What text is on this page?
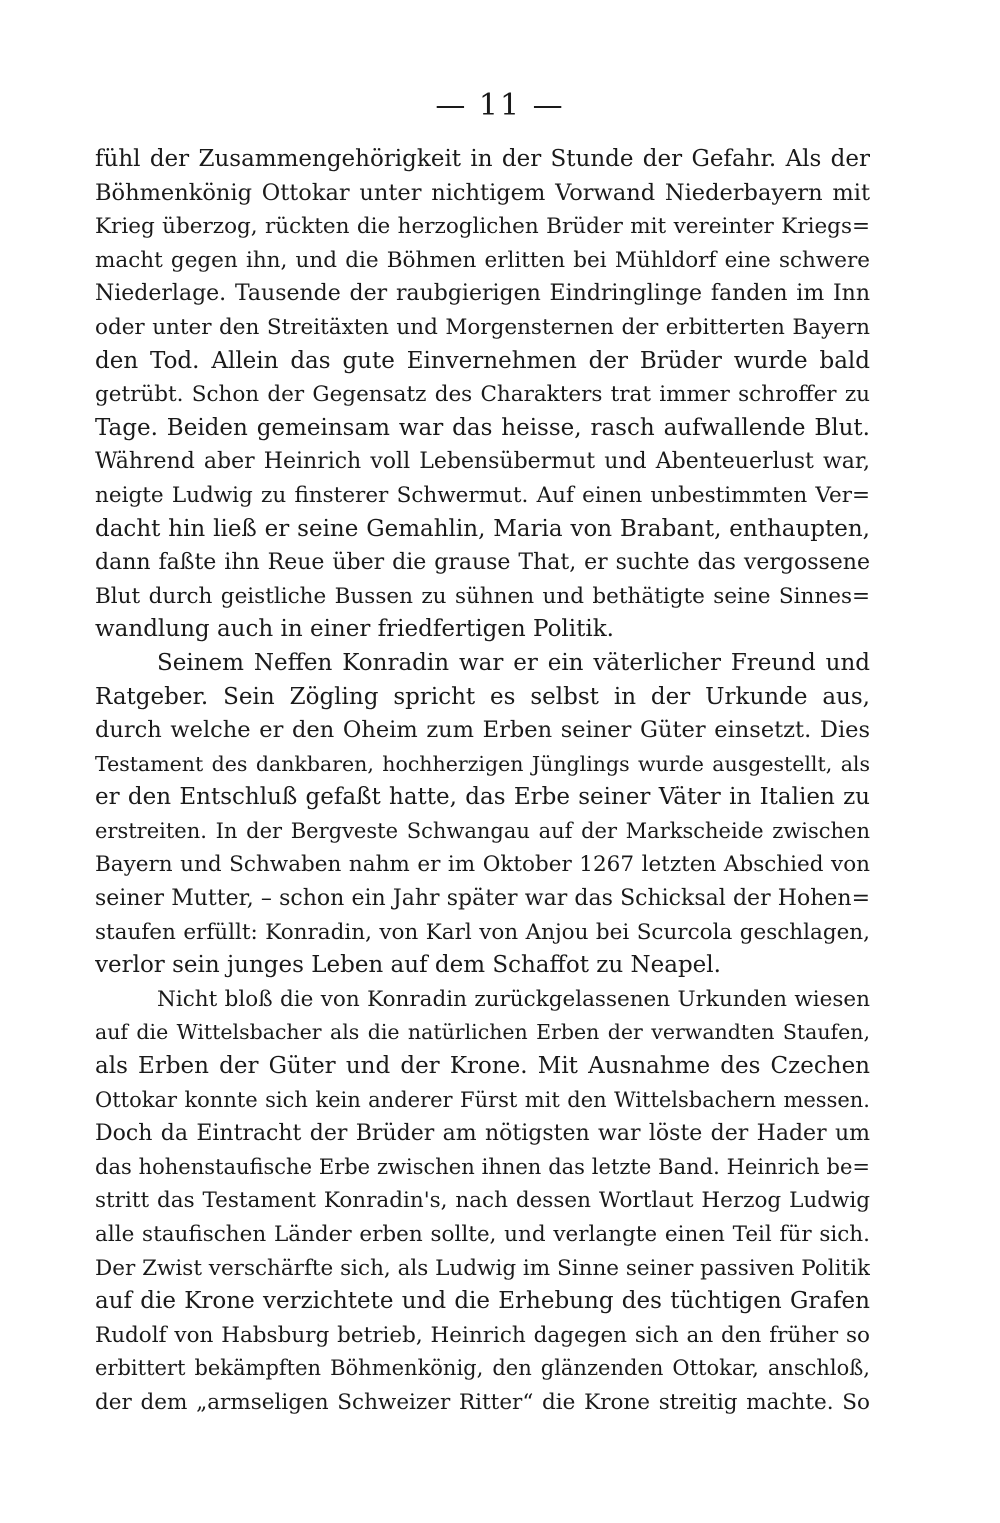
— 11 —
fühl der Zusammengehörigkeit in der Stunde der Gefahr. Als der
Böhmenkönig Ottokar unter nichtigem Vorwand Niederbayern mit
Krieg überzog, rückten die herzoglichen Brüder mit vereinter Kriegs=
macht gegen ihn, und die Böhmen erlitten bei Mühldorf eine schwere
Niederlage. Tausende der raubgierigen Eindringlinge fanden im Inn
oder unter den Streitäxten und Morgensternen der erbitterten Bayern
den Tod. Allein das gute Einvernehmen der Brüder wurde bald
getrübt. Schon der Gegensatz des Charakters trat immer schroffer zu
Tage. Beiden gemeinsam war das heisse, rasch aufwallende Blut.
Während aber Heinrich voll Lebensübermut und Abenteuerlust war,
neigte Ludwig zu finsterer Schwermut. Auf einen unbestimmten Ver=
dacht hin ließ er seine Gemahlin, Maria von Brabant, enthaupten,
dann faßte ihn Reue über die grause That, er suchte das vergossene
Blut durch geistliche Bussen zu sühnen und bethätigte seine Sinnes=
wandlung auch in einer friedfertigen Politik.
Seinem Neffen Konradin war er ein väterlicher Freund und
Ratgeber. Sein Zögling spricht es selbst in der Urkunde aus,
durch welche er den Oheim zum Erben seiner Güter einsetzt. Dies
Testament des dankbaren, hochherzigen Jünglings wurde ausgestellt, als
er den Entschluß gefaßt hatte, das Erbe seiner Väter in Italien zu
erstreiten. In der Bergveste Schwangau auf der Markscheide zwischen
Bayern und Schwaben nahm er im Oktober 1267 letzten Abschied von
seiner Mutter, – schon ein Jahr später war das Schicksal der Hohen=
staufen erfüllt: Konradin, von Karl von Anjou bei Scurcola geschlagen,
verlor sein junges Leben auf dem Schaffot zu Neapel.
Nicht bloß die von Konradin zurückgelassenen Urkunden wiesen
auf die Wittelsbacher als die natürlichen Erben der verwandten Staufen,
als Erben der Güter und der Krone. Mit Ausnahme des Czechen
Ottokar konnte sich kein anderer Fürst mit den Wittelsbachern messen.
Doch da Eintracht der Brüder am nötigsten war löste der Hader um
das hohenstaufische Erbe zwischen ihnen das letzte Band. Heinrich be=
stritt das Testament Konradin's, nach dessen Wortlaut Herzog Ludwig
alle staufischen Länder erben sollte, und verlangte einen Teil für sich.
Der Zwist verschärfte sich, als Ludwig im Sinne seiner passiven Politik
auf die Krone verzichtete und die Erhebung des tüchtigen Grafen
Rudolf von Habsburg betrieb, Heinrich dagegen sich an den früher so
erbittert bekämpften Böhmenkönig, den glänzenden Ottokar, anschloß,
der dem „armseligen Schweizer Ritter“ die Krone streitig machte. So
